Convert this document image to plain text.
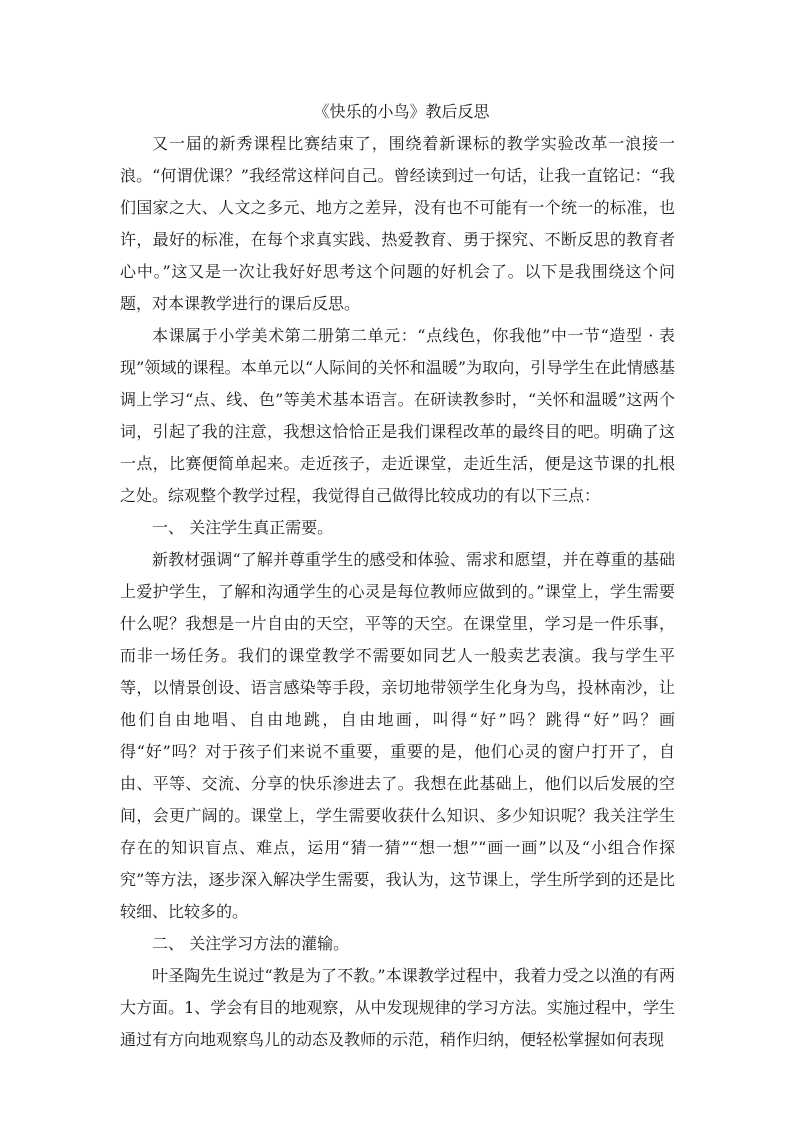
《快乐的小鸟》教后反思

又一届的新秀课程比赛结束了，围绕着新课标的教学实验改革一浪接一浪。“何谓优课？”我经常这样问自己。曾经读到过一句话，让我一直铭记：“我们国家之大、人文之多元、地方之差异，没有也不可能有一个统一的标准，也许，最好的标准，在每个求真实践、热爱教育、勇于探究、不断反思的教育者心中。”这又是一次让我好好思考这个问题的好机会了。以下是我围绕这个问题，对本课教学进行的课后反思。

本课属于小学美术第二册第二单元：“点线色，你我他”中一节“造型 · 表现”领域的课程。本单元以“人际间的关怀和温暖”为取向，引导学生在此情感基调上学习“点、线、色”等美术基本语言。在研读教参时，“关怀和温暖”这两个词，引起了我的注意，我想这恰恰正是我们课程改革的最终目的吧。明确了这一点，比赛便简单起来。走近孩子，走近课堂，走近生活，便是这节课的扎根之处。综观整个教学过程，我觉得自己做得比较成功的有以下三点：

一、 关注学生真正需要。

新教材强调“了解并尊重学生的感受和体验、需求和愿望，并在尊重的基础上爱护学生，了解和沟通学生的心灵是每位教师应做到的。”课堂上，学生需要什么呢？我想是一片自由的天空，平等的天空。在课堂里，学习是一件乐事，而非一场任务。我们的课堂教学不需要如同艺人一般卖艺表演。我与学生平等，以情景创设、语言感染等手段，亲切地带领学生化身为鸟，投林南沙，让他们自由地唱、自由地跳，自由地画，叫得“好”吗？跳得“好”吗？画得“好”吗？对于孩子们来说不重要，重要的是，他们心灵的窗户打开了，自由、平等、交流、分享的快乐渗进去了。我想在此基础上，他们以后发展的空间，会更广阔的。课堂上，学生需要收获什么知识、多少知识呢？我关注学生存在的知识盲点、难点，运用“猜一猜”“想一想”“画一画”以及“小组合作探究”等方法，逐步深入解决学生需要，我认为，这节课上，学生所学到的还是比较细、比较多的。

二、 关注学习方法的灌输。

叶圣陶先生说过“教是为了不教。”本课教学过程中，我着力受之以渔的有两大方面。1、学会有目的地观察，从中发现规律的学习方法。实施过程中，学生通过有方向地观察鸟儿的动态及教师的示范，稍作归纳，便轻松掌握如何表现
